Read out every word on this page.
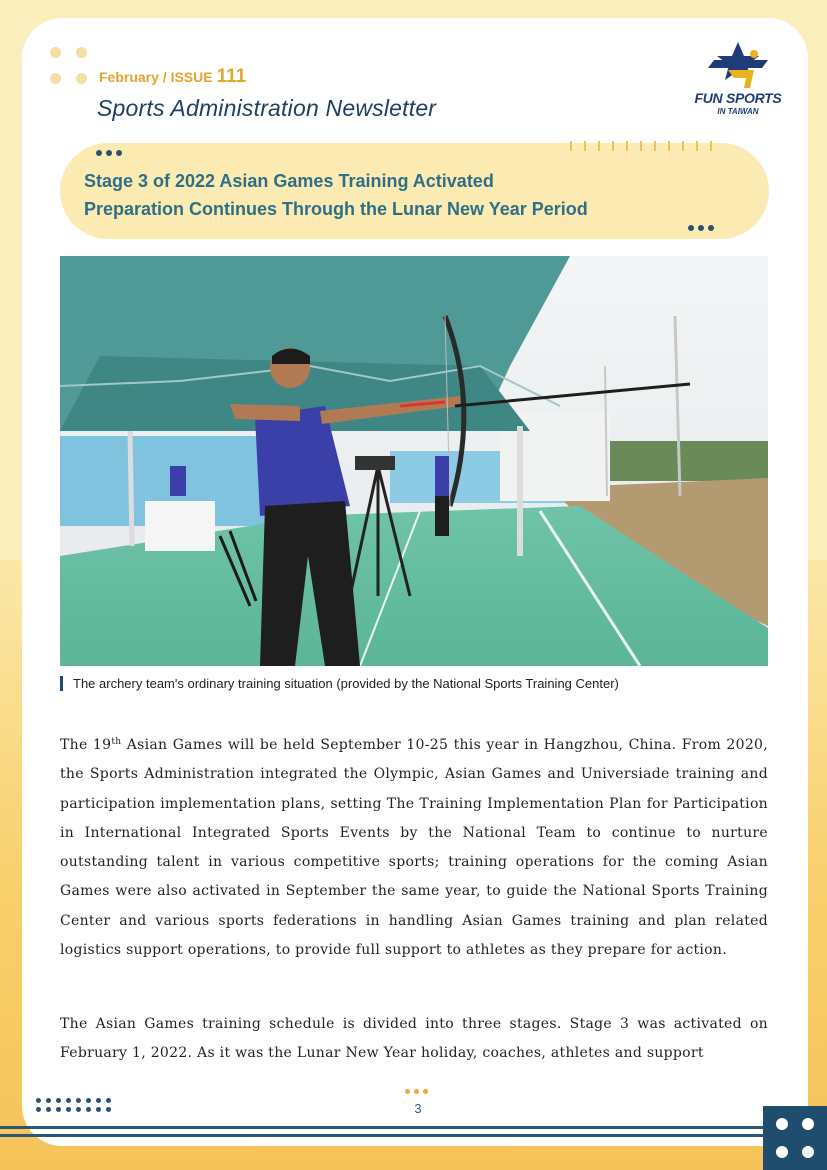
February / ISSUE 111
Sports Administration Newsletter	FUN SPORTS
IN TAIWAN
Stage 3 of 2022 Asian Games Training Activated
Preparation Continues Through the Lunar New Year Period
The archery team's ordinary training situation (provided by the National Sports Training Center)
The 19th Asian Games will be held September 10-25 this year in Hangzhou, China. From 2020, the Sports Administration integrated the Olympic, Asian Games and Universiade training and participation implementation plans, setting The Training Implementation Plan for Participation in International Integrated Sports Events by the National Team to continue to nurture outstanding talent in various competitive sports; training operations for the coming Asian Games were also activated in September the same year, to guide the National Sports Training Center and various sports federations in handling Asian Games training and plan related logistics support operations, to provide full support to athletes as they prepare for action.
The Asian Games training schedule is divided into three stages. Stage 3 was activated on February 1, 2022. As it was the Lunar New Year holiday, coaches, athletes and support
3
